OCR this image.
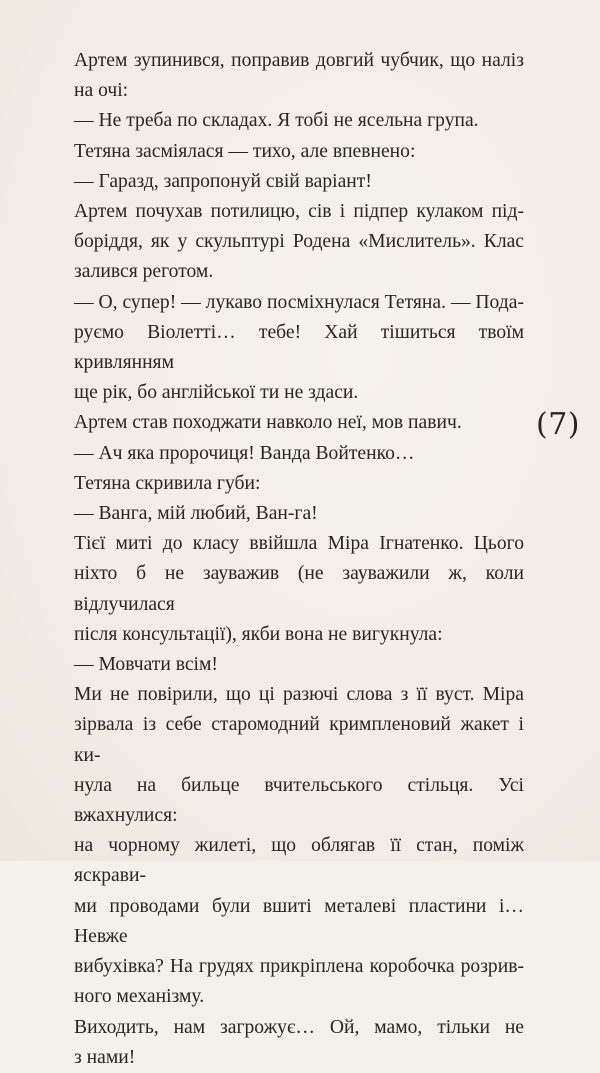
Артем зупинився, поправив довгий чубчик, що наліз
на очі:
— Не треба по складах. Я тобі не ясельна група.
Тетяна засміялася — тихо, але впевнено:
— Гаразд, запропонуй свій варіант!
Артем почухав потилицю, сів і підпер кулаком під-
боріддя, як у скульптурі Родена «Мислитель». Клас
залився реготом.
— О, супер! — лукаво посміхнулася Тетяна. — Пода-
руємо Віолетті… тебе! Хай тішиться твоїм кривлянням
ще рік, бо англійської ти не здаси.
Артем став походжати навколо неї, мов павич.
— Ач яка пророчиця! Ванда Войтенко…
Тетяна скривила губи:
— Ванга, мій любий, Ван-га!
Тієї миті до класу ввійшла Міра Ігнатенко. Цього
ніхто б не зауважив (не зауважили ж, коли відлучилася
після консультації), якби вона не вигукнула:
— Мовчати всім!
Ми не повірили, що ці разючі слова з її вуст. Міра
зірвала із себе старомодний кримпленовий жакет і ки-
нула на бильце вчительського стільця. Усі вжахнулися:
на чорному жилеті, що облягав її стан, поміж яскрави-
ми проводами були вшиті металеві пластини і… Невже
вибухівка? На грудях прикріплена коробочка розрив-
ного механізму.
Виходить, нам загрожує… Ой, мамо, тільки не
з нами!
(7)
